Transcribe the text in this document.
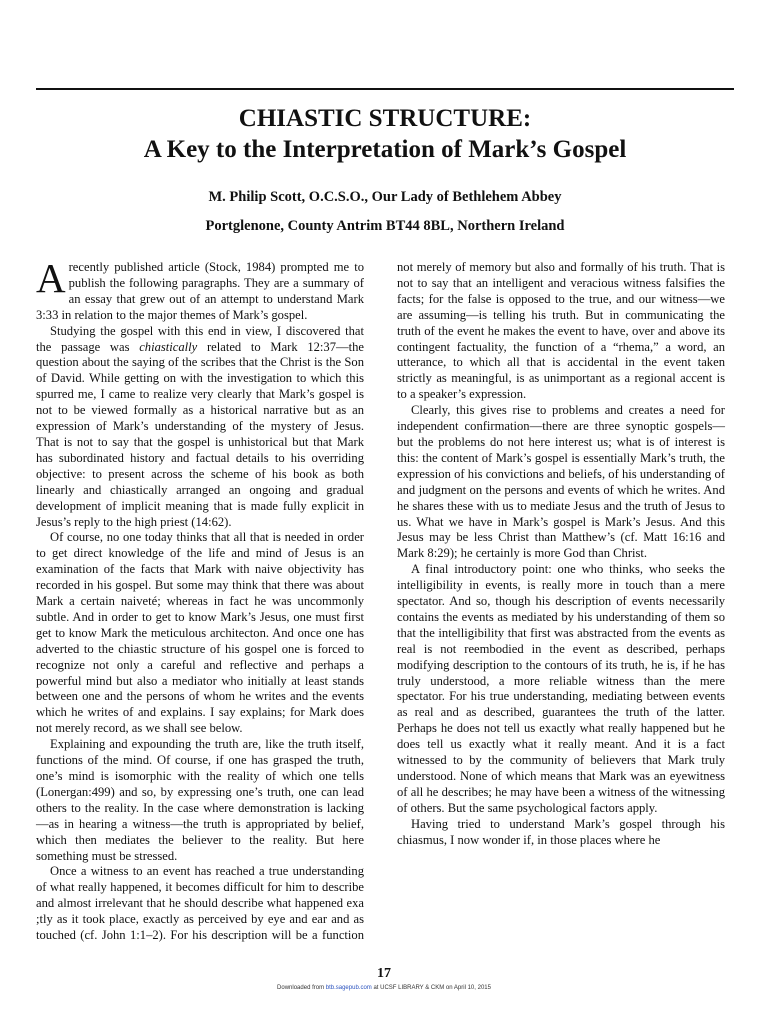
CHIASTIC STRUCTURE:
A Key to the Interpretation of Mark’s Gospel
M. Philip Scott, O.C.S.O., Our Lady of Bethlehem Abbey
Portglenone, County Antrim BT44 8BL, Northern Ireland

Arecently published article (Stock, 1984) prompted me to publish the following paragraphs. They are a summary of an essay that grew out of an attempt to understand Mark 3:33 in relation to the major themes of Mark’s gospel.

Studying the gospel with this end in view, I discovered that the passage was chiastically related to Mark 12:37—the question about the saying of the scribes that the Christ is the Son of David. While getting on with the investigation to which this spurred me, I came to realize very clearly that Mark’s gospel is not to be viewed formally as a historical narrative but as an expression of Mark’s understanding of the mystery of Jesus. That is not to say that the gospel is unhistorical but that Mark has subordinated history and factual details to his overriding objective: to present across the scheme of his book as both linearly and chiastically arranged an ongoing and gradual development of implicit meaning that is made fully explicit in Jesus’s reply to the high priest (14:62).

Of course, no one today thinks that all that is needed in order to get direct knowledge of the life and mind of Jesus is an examination of the facts that Mark with naive objectivity has recorded in his gospel. But some may think that there was about Mark a certain naiveté; whereas in fact he was uncommonly subtle. And in order to get to know Mark’s Jesus, one must first get to know Mark the meticulous architecton. And once one has adverted to the chiastic structure of his gospel one is forced to recognize not only a careful and reflective and perhaps a powerful mind but also a mediator who initially at least stands between one and the persons of whom he writes and the events which he writes of and explains. I say explains; for Mark does not merely record, as we shall see below.

Explaining and expounding the truth are, like the truth itself, functions of the mind. Of course, if one has grasped the truth, one’s mind is isomorphic with the reality of which one tells (Lonergan:499) and so, by expressing one’s truth, one can lead others to the reality. In the case where demonstration is lacking—as in hearing a witness—the truth is appropriated by belief, which then mediates the believer to the reality. But here something must be stressed.

Once a witness to an event has reached a true understanding of what really happened, it becomes difficult for him to describe and almost irrelevant that he should describe what happened exa ;tly as it took place, exactly as perceived by eye and ear and as touched (cf. John 1:1–2). For his description will be a function

not merely of memory but also and formally of his truth. That is not to say that an intelligent and veracious witness falsifies the facts; for the false is opposed to the true, and our witness—we are assuming—is telling his truth. But in communicating the truth of the event he makes the event to have, over and above its contingent factuality, the function of a “rhema,” a word, an utterance, to which all that is accidental in the event taken strictly as meaningful, is as unimportant as a regional accent is to a speaker’s expression.

Clearly, this gives rise to problems and creates a need for independent confirmation—there are three synoptic gospels—but the problems do not here interest us; what is of interest is this: the content of Mark’s gospel is essentially Mark’s truth, the expression of his convictions and beliefs, of his understanding of and judgment on the persons and events of which he writes. And he shares these with us to mediate Jesus and the truth of Jesus to us. What we have in Mark’s gospel is Mark’s Jesus. And this Jesus may be less Christ than Matthew’s (cf. Matt 16:16 and Mark 8:29); he certainly is more God than Christ.

A final introductory point: one who thinks, who seeks the intelligibility in events, is really more in touch than a mere spectator. And so, though his description of events necessarily contains the events as mediated by his understanding of them so that the intelligibility that first was abstracted from the events as real is not reembodied in the event as described, perhaps modifying description to the contours of its truth, he is, if he has truly understood, a more reliable witness than the mere spectator. For his true understanding, mediating between events as real and as described, guarantees the truth of the latter. Perhaps he does not tell us exactly what really happened but he does tell us exactly what it really meant. And it is a fact witnessed to by the community of believers that Mark truly understood. None of which means that Mark was an eyewitness of all he describes; he may have been a witness of the witnessing of others. But the same psychological factors apply.

Having tried to understand Mark’s gospel through his chiasmus, I now wonder if, in those places where he

17
Downloaded from btb.sagepub.com at UCSF LIBRARY & CKM on April 10, 2015
